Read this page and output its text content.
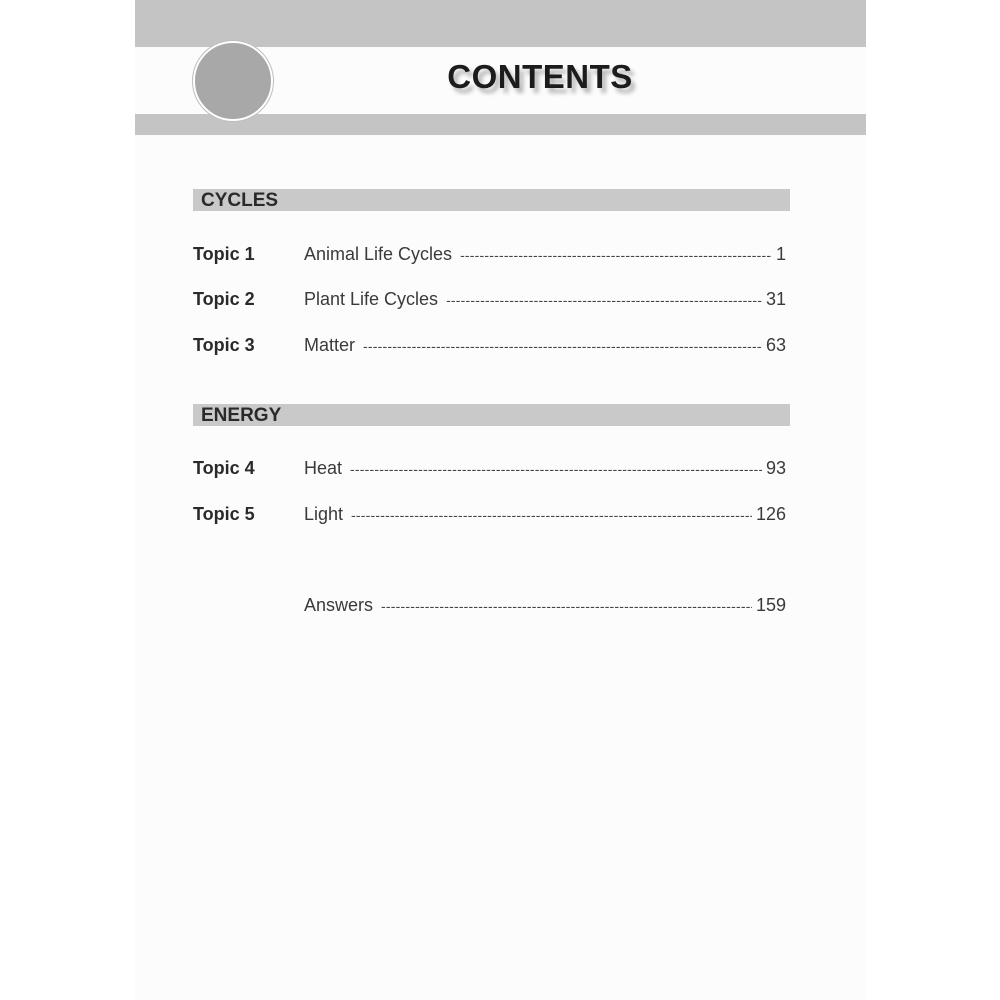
CONTENTS
CYCLES
Topic 1	Animal Life Cycles -----	1
Topic 2	Plant Life Cycles -----	31
Topic 3	Matter -----	63
ENERGY
Topic 4	Heat -----	93
Topic 5	Light -----	126
Answers -----	159
